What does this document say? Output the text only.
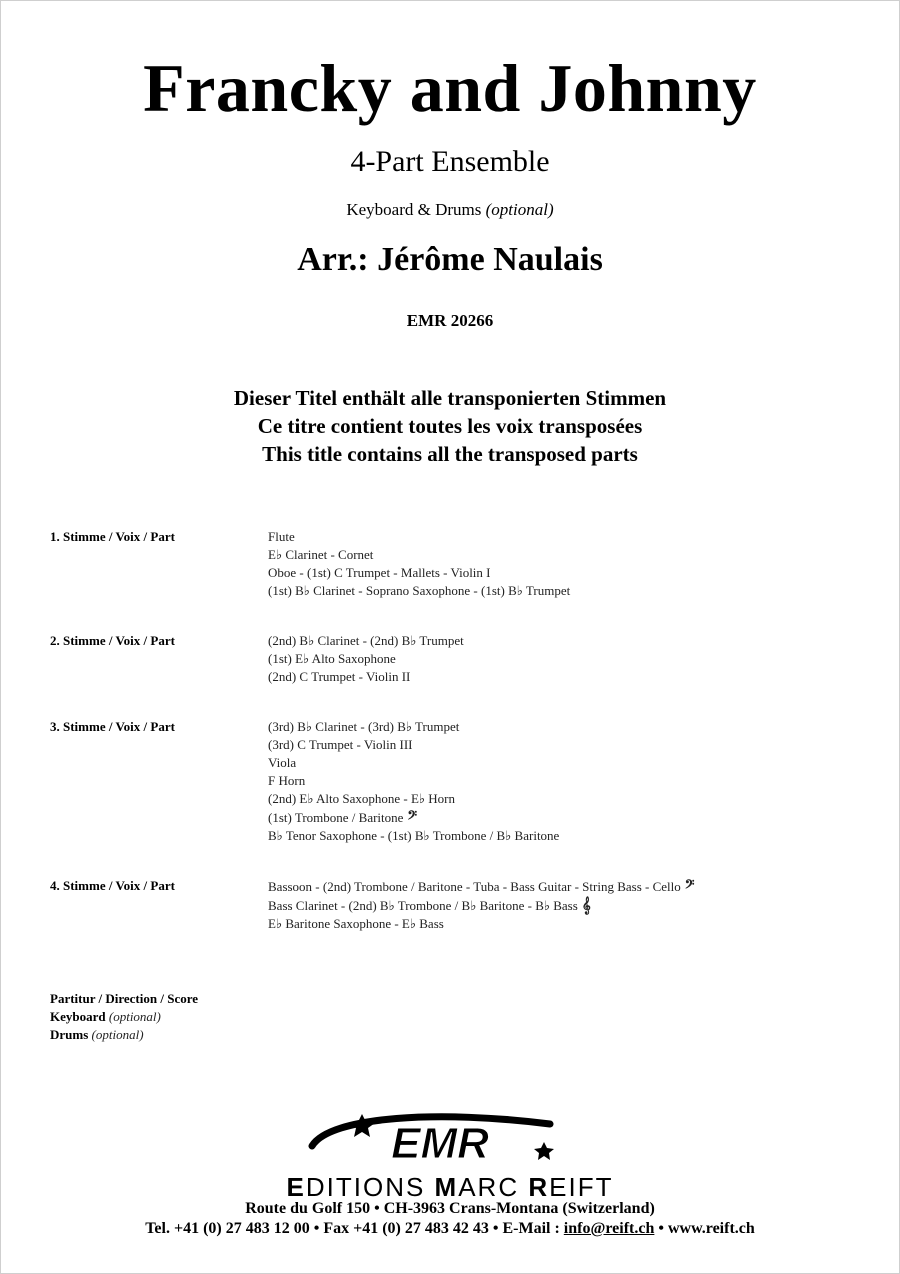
Francky and Johnny
4-Part Ensemble
Keyboard & Drums (optional)
Arr.: Jérôme Naulais
EMR 20266
Dieser Titel enthält alle transponierten Stimmen
Ce titre contient toutes les voix transposées
This title contains all the transposed parts
1. Stimme / Voix / Part	Flute
E♭ Clarinet - Cornet
Oboe - (1st) C Trumpet - Mallets - Violin I
(1st) B♭ Clarinet - Soprano Saxophone - (1st) B♭ Trumpet
2. Stimme / Voix / Part	(2nd) B♭ Clarinet - (2nd) B♭ Trumpet
(1st) E♭ Alto Saxophone
(2nd) C Trumpet - Violin II
3. Stimme / Voix / Part	(3rd) B♭ Clarinet - (3rd) B♭ Trumpet
(3rd) C Trumpet - Violin III
Viola
F Horn
(2nd) E♭ Alto Saxophone - E♭ Horn
(1st) Trombone / Baritone 𝄢
B♭ Tenor Saxophone - (1st) B♭ Trombone / B♭ Baritone
4. Stimme / Voix / Part	Bassoon - (2nd) Trombone / Baritone - Tuba - Bass Guitar - String Bass - Cello 𝄢
Bass Clarinet - (2nd) B♭ Trombone / B♭ Baritone - B♭ Bass 𝄞
E♭ Baritone Saxophone - E♭ Bass
Partitur / Direction / Score
Keyboard (optional)
Drums (optional)
EMR
EDITIONS MARC REIFT
Route du Golf 150 • CH-3963 Crans-Montana (Switzerland)
Tel. +41 (0) 27 483 12 00 • Fax +41 (0) 27 483 42 43 • E-Mail : info@reift.ch • www.reift.ch
